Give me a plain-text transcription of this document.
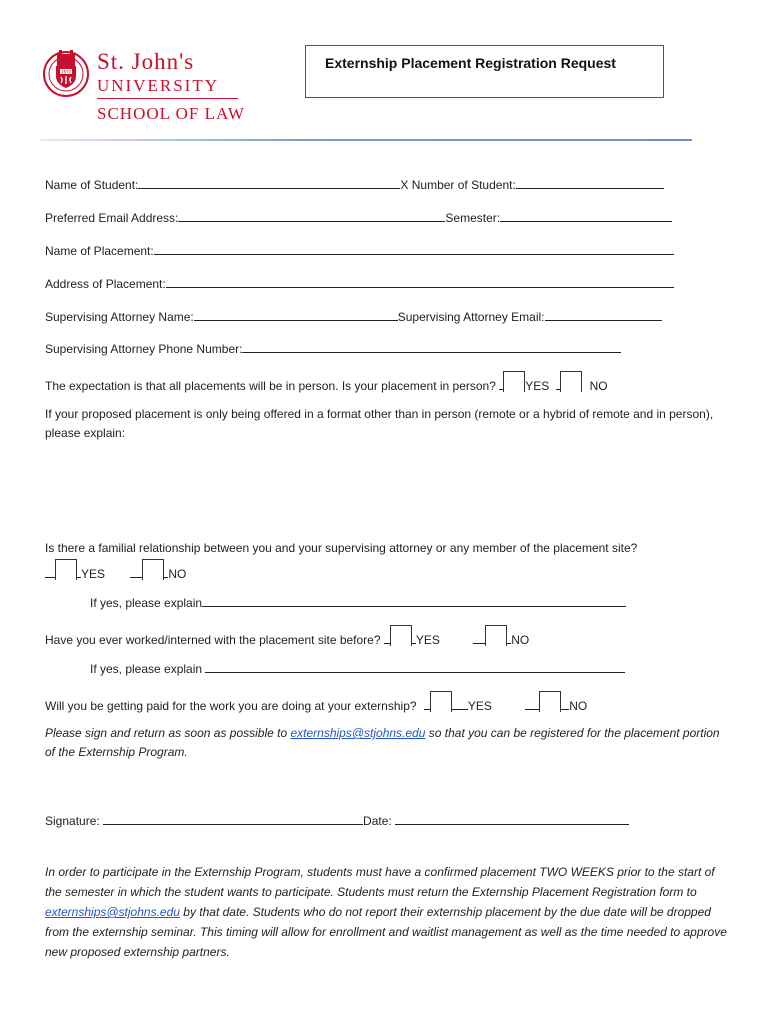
1870 St. John's
UNIVERSITY
SCHOOL OF LAW
Externship Placement Registration Request
Name of Student:	X Number of Student:
Preferred Email Address:	Semester:
Name of Placement:
Address of Placement:
Supervising Attorney Name:	Supervising Attorney Email:
Supervising Attorney Phone Number:
The expectation is that all placements will be in person. Is your placement in person? YES	NO
If your proposed placement is only being offered in a format other than in person (remote or a hybrid of remote and in person), please explain:
Is there a familial relationship between you and your supervising attorney or any member of the placement site?
YES	NO
If yes, please explain
Have you ever worked/interned with the placement site before?	YES	NO
If yes, please explain
Will you be getting paid for the work you are doing at your externship?	YES	NO
Please sign and return as soon as possible to externships@stjohns.edu so that you can be registered for the placement portion of the Externship Program.
Signature:	Date:
In order to participate in the Externship Program, students must have a confirmed placement TWO WEEKS prior to the start of the semester in which the student wants to participate. Students must return the Externship Placement Registration form to externships@stjohns.edu by that date. Students who do not report their externship placement by the due date will be dropped from the externship seminar. This timing will allow for enrollment and waitlist management as well as the time needed to approve new proposed externship partners.
